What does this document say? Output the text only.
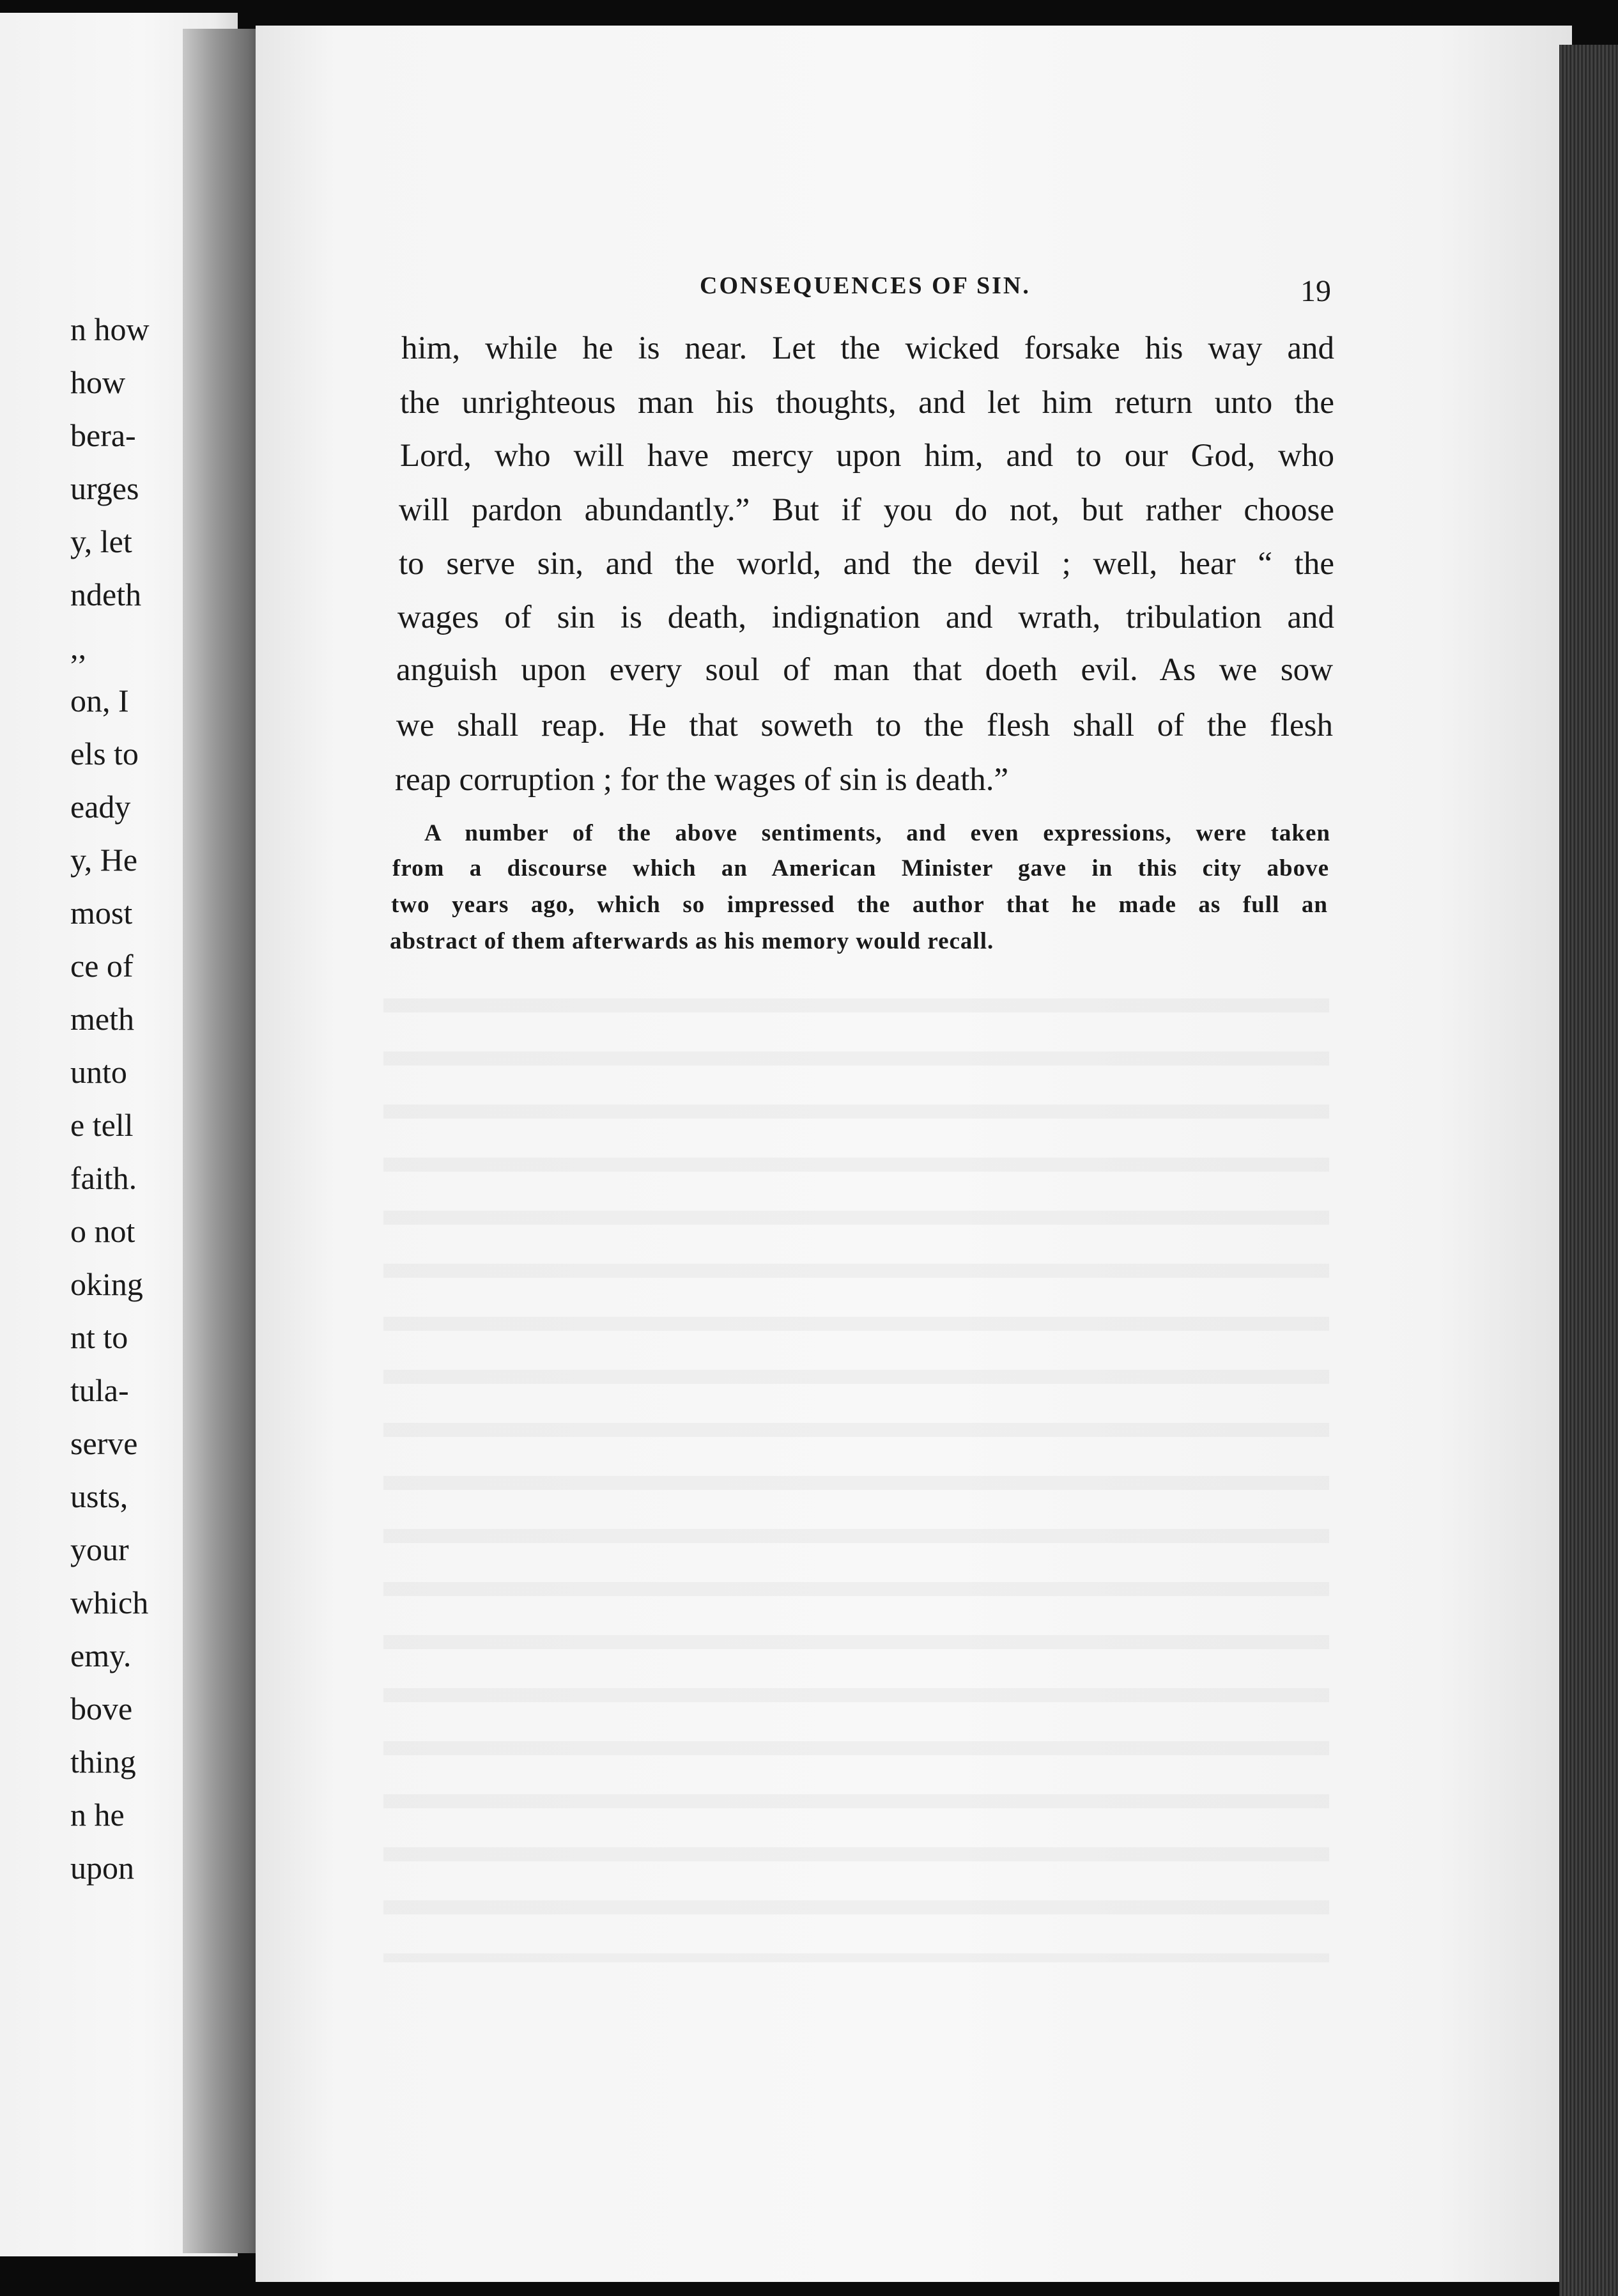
n how
how
bera-
urges
y, let
ndeth
,,
on, I
els to
eady
y, He
most
ce of
meth
unto
e tell
faith.
o not
oking
nt to
tula-
serve
usts,
your
which
emy.
bove
thing
n he
upon
CONSEQUENCES OF SIN.	19
him, while he is near. Let the wicked forsake his way and
the unrighteous man his thoughts, and let him return unto the
Lord, who will have mercy upon him, and to our God, who
will pardon abundantly.” But if you do not, but rather choose
to serve sin, and the world, and the devil ; well, hear “ the
wages of sin is death, indignation and wrath, tribulation and
anguish upon every soul of man that doeth evil. As we sow
we shall reap. He that soweth to the flesh shall of the flesh
reap corruption ; for the wages of sin is death.”
A number of the above sentiments, and even expressions, were taken
from a discourse which an American Minister gave in this city above
two years ago, which so impressed the author that he made as full an
abstract of them afterwards as his memory would recall.
